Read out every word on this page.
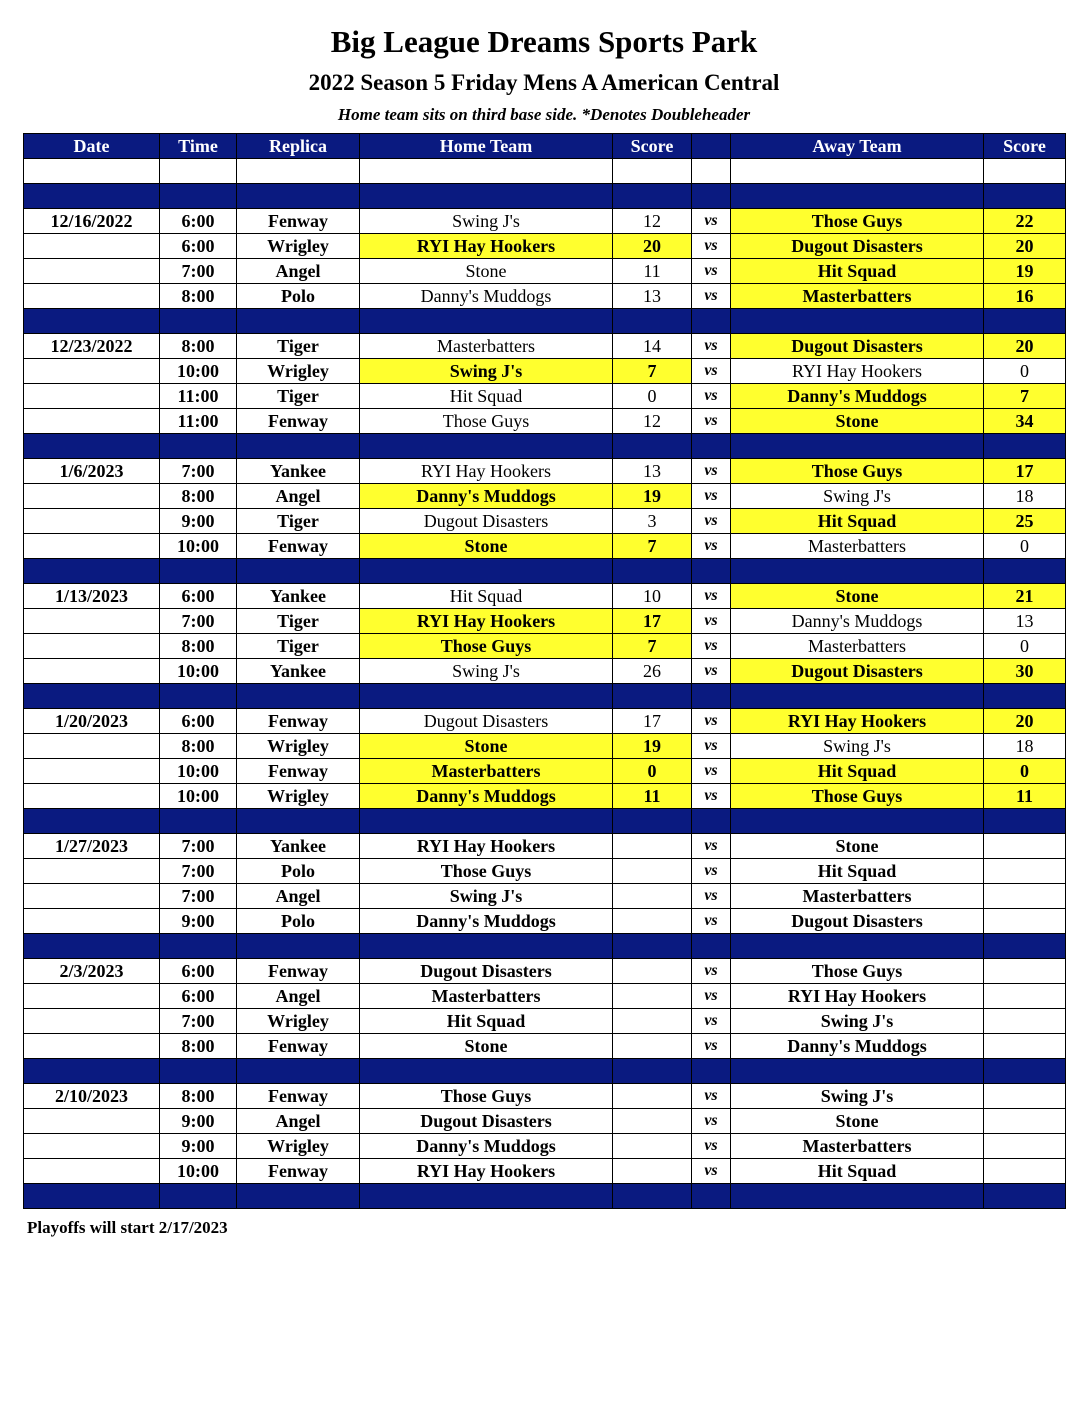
Big League Dreams Sports Park
2022 Season 5 Friday Mens A American Central
Home team sits on third base side. *Denotes Doubleheader
Date	Time	Replica	Home Team	Score		Away Team	Score

12/16/2022	6:00	Fenway	Swing J's	12	vs	Those Guys	22
	6:00	Wrigley	RYI Hay Hookers	20	vs	Dugout Disasters	20
	7:00	Angel	Stone	11	vs	Hit Squad	19
	8:00	Polo	Danny's Muddogs	13	vs	Masterbatters	16

12/23/2022	8:00	Tiger	Masterbatters	14	vs	Dugout Disasters	20
	10:00	Wrigley	Swing J's	7	vs	RYI Hay Hookers	0
	11:00	Tiger	Hit Squad	0	vs	Danny's Muddogs	7
	11:00	Fenway	Those Guys	12	vs	Stone	34

1/6/2023	7:00	Yankee	RYI Hay Hookers	13	vs	Those Guys	17
	8:00	Angel	Danny's Muddogs	19	vs	Swing J's	18
	9:00	Tiger	Dugout Disasters	3	vs	Hit Squad	25
	10:00	Fenway	Stone	7	vs	Masterbatters	0

1/13/2023	6:00	Yankee	Hit Squad	10	vs	Stone	21
	7:00	Tiger	RYI Hay Hookers	17	vs	Danny's Muddogs	13
	8:00	Tiger	Those Guys	7	vs	Masterbatters	0
	10:00	Yankee	Swing J's	26	vs	Dugout Disasters	30

1/20/2023	6:00	Fenway	Dugout Disasters	17	vs	RYI Hay Hookers	20
	8:00	Wrigley	Stone	19	vs	Swing J's	18
	10:00	Fenway	Masterbatters	0	vs	Hit Squad	0
	10:00	Wrigley	Danny's Muddogs	11	vs	Those Guys	11

1/27/2023	7:00	Yankee	RYI Hay Hookers		vs	Stone	
	7:00	Polo	Those Guys		vs	Hit Squad	
	7:00	Angel	Swing J's		vs	Masterbatters	
	9:00	Polo	Danny's Muddogs		vs	Dugout Disasters	

2/3/2023	6:00	Fenway	Dugout Disasters		vs	Those Guys	
	6:00	Angel	Masterbatters		vs	RYI Hay Hookers	
	7:00	Wrigley	Hit Squad		vs	Swing J's	
	8:00	Fenway	Stone		vs	Danny's Muddogs	

2/10/2023	8:00	Fenway	Those Guys		vs	Swing J's	
	9:00	Angel	Dugout Disasters		vs	Stone	
	9:00	Wrigley	Danny's Muddogs		vs	Masterbatters	
	10:00	Fenway	RYI Hay Hookers		vs	Hit Squad	

Playoffs will start 2/17/2023
